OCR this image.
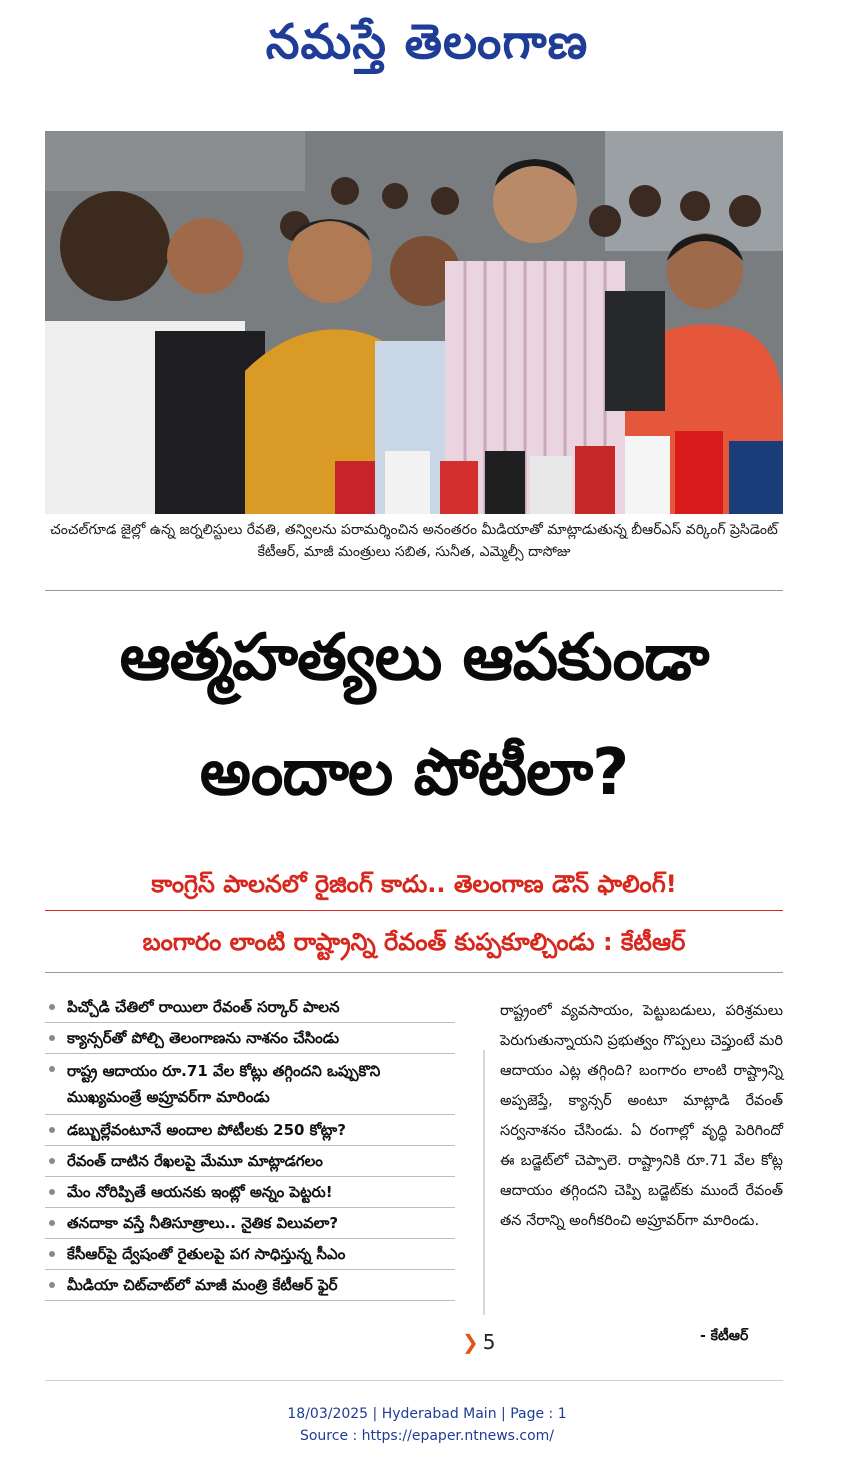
నమస్తే తెలంగాణ
చంచల్‌గూడ జైల్లో ఉన్న జర్నలిస్టులు రేవతి, తన్విలను పరామర్శించిన అనంతరం మీడియాతో మాట్లాడుతున్న బీఆర్‌ఎస్ వర్కింగ్ ప్రెసిడెంట్ కేటీఆర్, మాజీ మంత్రులు సబిత, సునీత, ఎమ్మెల్సీ దాసోజు
ఆత్మహత్యలు ఆపకుండా
అందాల పోటీలా?
కాంగ్రెస్ పాలనలో రైజింగ్ కాదు.. తెలంగాణ డౌన్ ఫాలింగ్!
బంగారం లాంటి రాష్ట్రాన్ని రేవంత్ కుప్పకూల్చిండు : కేటీఆర్
పిచ్చోడి చేతిలో రాయిలా రేవంత్ సర్కార్ పాలన
క్యాన్సర్‌తో పోల్చి తెలంగాణను నాశనం చేసిండు
రాష్ట్ర ఆదాయం రూ.71 వేల కోట్లు తగ్గిందని ఒప్పుకొని ముఖ్యమంత్రే అప్రూవర్‌గా మారిండు
డబ్బుల్లేవంటూనే అందాల పోటీలకు 250 కోట్లా?
రేవంత్ దాటిన రేఖలపై మేమూ మాట్లాడగలం
మేం నోరిప్పితే ఆయనకు ఇంట్లో అన్నం పెట్టరు!
తనదాకా వస్తే నీతిసూత్రాలు.. నైతిక విలువలా?
కేసీఆర్‌పై ద్వేషంతో రైతులపై పగ సాధిస్తున్న సీఎం
మీడియా చిట్‌చాట్‌లో మాజీ మంత్రి కేటీఆర్ ఫైర్
❯ 5
రాష్ట్రంలో వ్యవసాయం, పెట్టుబడులు, పరిశ్రమలు పెరుగుతున్నాయని ప్రభుత్వం గొప్పలు చెప్తుంటే మరి ఆదాయం ఎట్ల తగ్గింది? బంగారం లాంటి రాష్ట్రాన్ని అప్పజెప్తే, క్యాన్సర్ అంటూ మాట్లాడి రేవంత్ సర్వనాశనం చేసిండు. ఏ రంగాల్లో వృద్ధి పెరిగిందో ఈ బడ్జెట్‌లో చెప్పాలె. రాష్ట్రానికి రూ.71 వేల కోట్ల ఆదాయం తగ్గిందని చెప్పి బడ్జెట్‌కు ముందే రేవంత్ తన నేరాన్ని అంగీకరించి అప్రూవర్‌గా మారిండు.
- కేటీఆర్
18/03/2025 | Hyderabad Main | Page : 1
Source : https://epaper.ntnews.com/
